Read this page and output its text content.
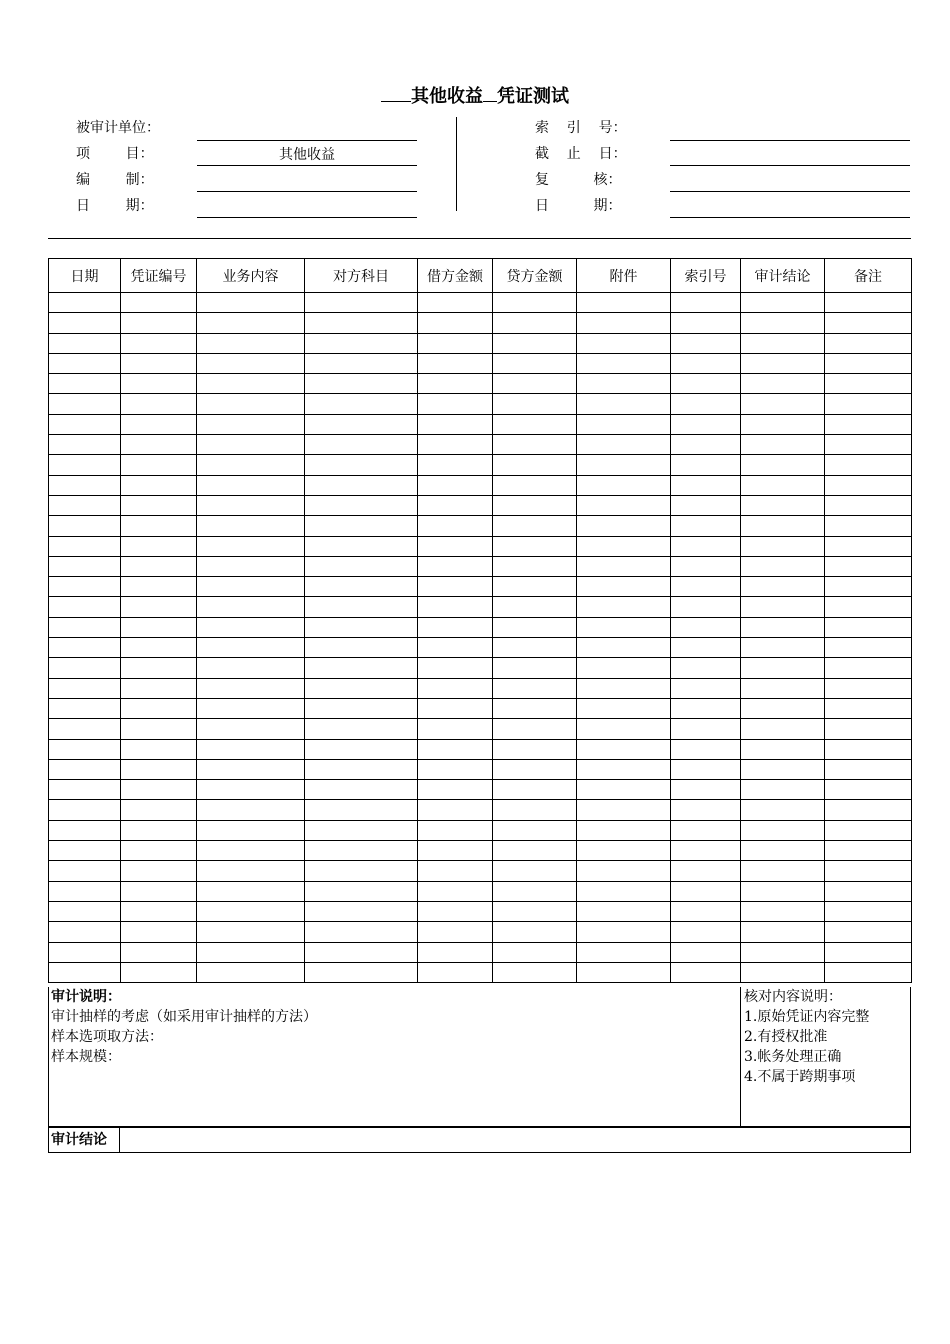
其他收益 凭证测试
被审计单位：
项        目：	其他收益
编        制：
日        期：
索    引    号：
截    止    日：
复          核：
日          期：
日期	凭证编号	业务内容	对方科目	借方金额	贷方金额	附件	索引号	审计结论	备注

审计说明：
审计抽样的考虑（如采用审计抽样的方法）
样本选项取方法：
样本规模：
核对内容说明：
1.原始凭证内容完整
2.有授权批准
3.帐务处理正确
4.不属于跨期事项
审计结论
